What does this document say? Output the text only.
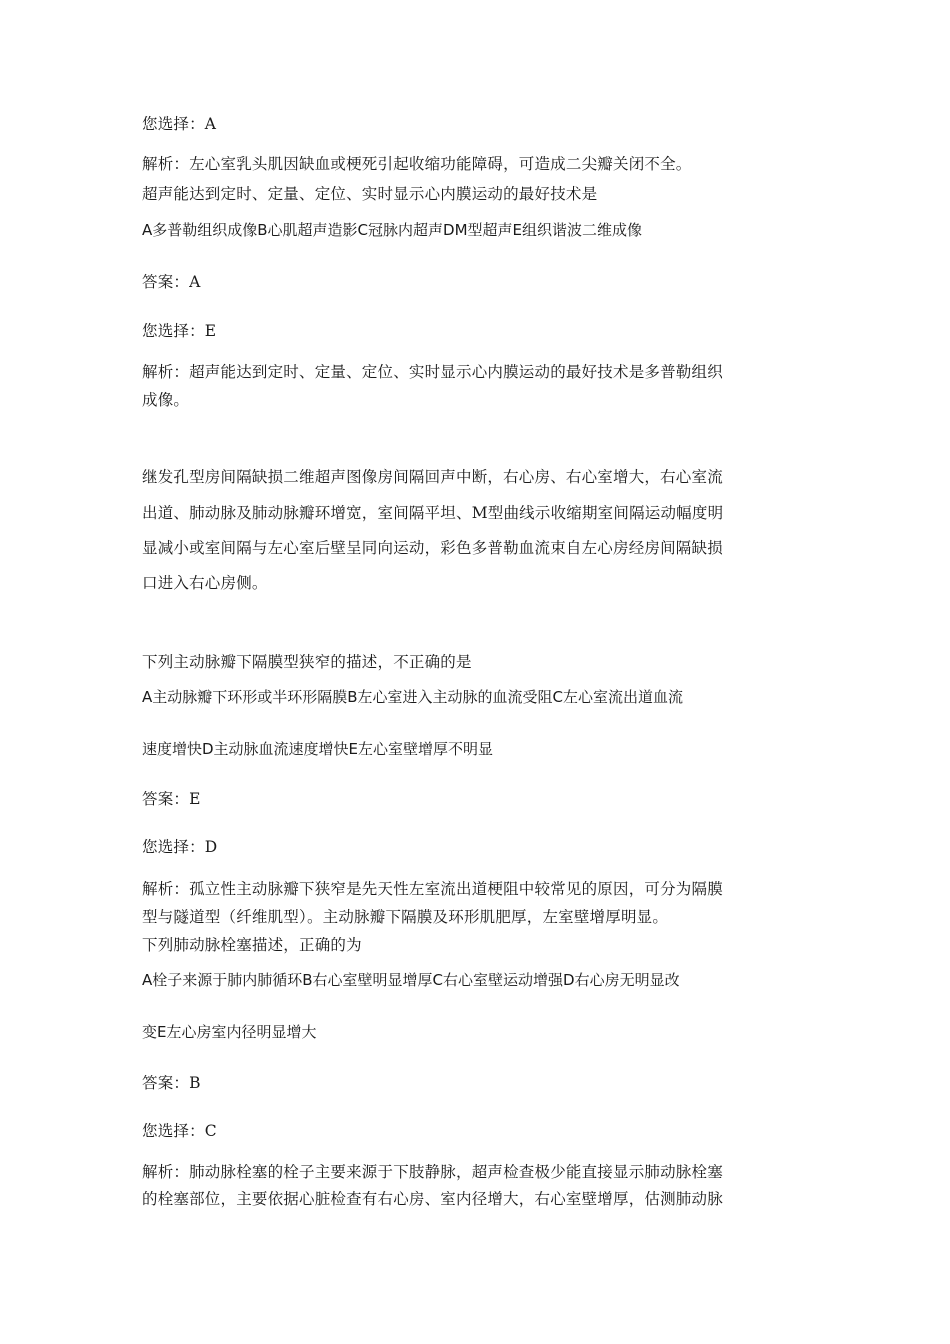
您选择：A
解析：左心室乳头肌因缺血或梗死引起收缩功能障碍，可造成二尖瓣关闭不全。
超声能达到定时、定量、定位、实时显示心内膜运动的最好技术是
A多普勒组织成像B心肌超声造影C冠脉内超声DM型超声E组织谐波二维成像
答案：A
您选择：E
解析：超声能达到定时、定量、定位、实时显示心内膜运动的最好技术是多普勒组织
成像。
继发孔型房间隔缺损二维超声图像房间隔回声中断，右心房、右心室增大，右心室流
出道、肺动脉及肺动脉瓣环增宽，室间隔平坦、M型曲线示收缩期室间隔运动幅度明
显减小或室间隔与左心室后壁呈同向运动，彩色多普勒血流束自左心房经房间隔缺损
口进入右心房侧。
下列主动脉瓣下隔膜型狭窄的描述，不正确的是
A主动脉瓣下环形或半环形隔膜B左心室进入主动脉的血流受阻C左心室流出道血流
速度增快D主动脉血流速度增快E左心室壁增厚不明显
答案：E
您选择：D
解析：孤立性主动脉瓣下狭窄是先天性左室流出道梗阻中较常见的原因，可分为隔膜
型与隧道型（纤维肌型）。主动脉瓣下隔膜及环形肌肥厚，左室壁增厚明显。
下列肺动脉栓塞描述，正确的为
A栓子来源于肺内肺循环B右心室壁明显增厚C右心室壁运动增强D右心房无明显改
变E左心房室内径明显增大
答案：B
您选择：C
解析：肺动脉栓塞的栓子主要来源于下肢静脉，超声检查极少能直接显示肺动脉栓塞
的栓塞部位，主要依据心脏检查有右心房、室内径增大，右心室壁增厚，估测肺动脉
